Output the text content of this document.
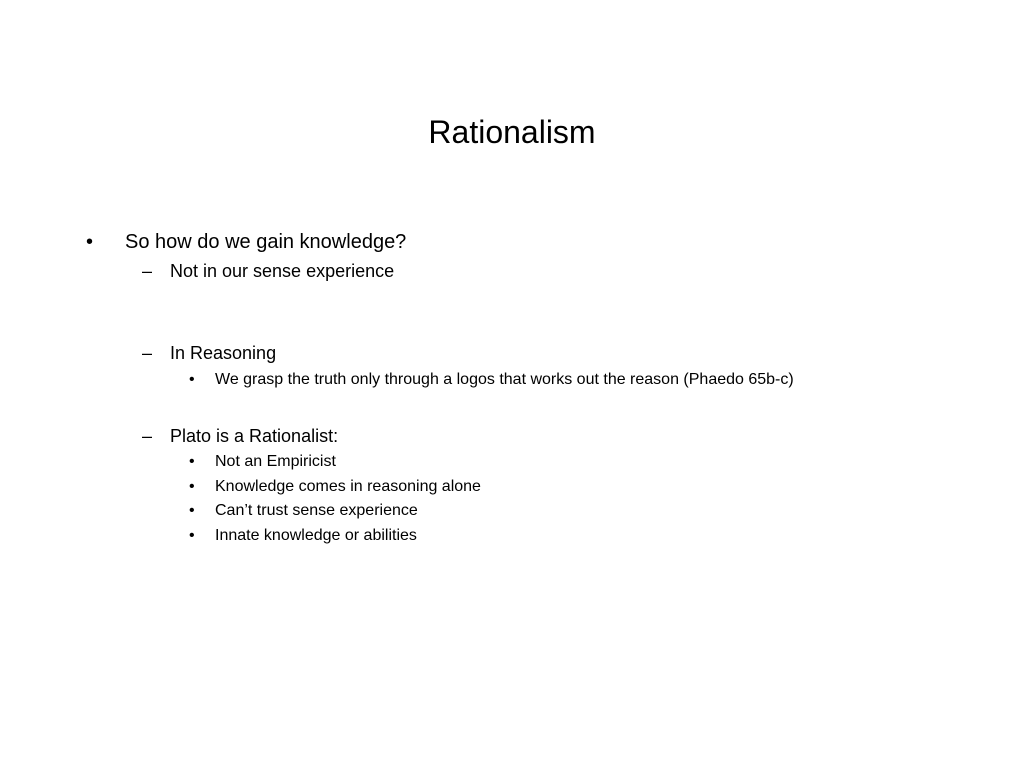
Rationalism
• So how do we gain knowledge?
– Not in our sense experience
– In Reasoning
• We grasp the truth only through a logos that works out the reason (Phaedo 65b-c)
– Plato is a Rationalist:
• Not an Empiricist
• Knowledge comes in reasoning alone
• Can’t trust sense experience
• Innate knowledge or abilities
